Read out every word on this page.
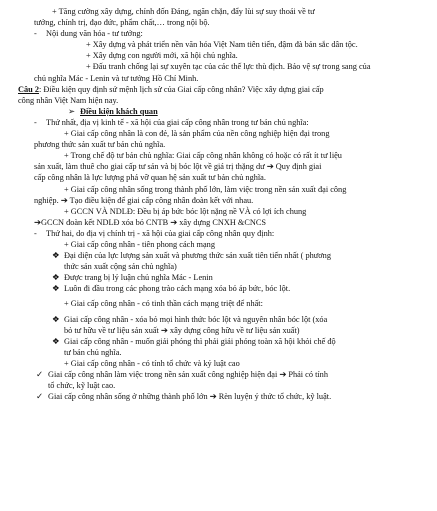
+ Tăng cường xây dựng, chỉnh đốn Đảng, ngăn chặn, đẩy lùi sự suy thoái về tư
tưởng, chính trị, đạo đức, phẩm chất,… trong nội bộ.
- Nội dung văn hóa - tư tưởng:
+ Xây dựng và phát triển nền văn hóa Việt Nam tiên tiến, đậm đà bản sắc dân tộc.
+ Xây dựng con người mới, xã hội chủ nghĩa.
+ Đấu tranh chống lại sự xuyên tạc của các thế lực thù địch. Bảo vệ sự trong sang của
chủ nghĩa Mác - Lenin và tư tưởng Hồ Chí Minh.
Câu 2: Điều kiện quy định sứ mệnh lịch sử của Giai cấp công nhân? Việc xây dựng giai cấp
công nhân Việt Nam hiện nay.
➢ Điều kiện khách quan
- Thứ nhất, địa vị kinh tế - xã hội của giai cấp công nhân trong tư bản chủ nghĩa:
+ Giai cấp công nhân là con đẻ, là sản phẩm của nền công nghiệp hiện đại trong
phương thức sản xuất tư bản chủ nghĩa.
+ Trong chế độ tư bản chủ nghĩa: Giai cấp công nhân không có hoặc có rất ít tư liệu
sản xuất, làm thuê cho giai cấp tư sản và bị bóc lột về giá trị thặng dư ➔ Quy định giai
cấp công nhân là lực lượng phá vỡ quan hệ sản xuất tư bản chủ nghĩa.
+ Giai cấp công nhân sống trong thành phố lớn, làm việc trong nền sản xuất đại công
nghiệp. ➔ Tạo điều kiện để giai cấp công nhân đoàn kết với nhau.
+ GCCN VÀ NDLĐ: Đều bị áp bức bóc lột nặng nề VÀ có lợi ích chung
➔GCCN đoàn kết NDLĐ xóa bỏ CNTB ➔ xây dựng CNXH &CNCS
- Thứ hai, do địa vị chính trị - xã hội của giai cấp công nhân quy định:
+ Giai cấp công nhân - tiên phong cách mạng
❖ Đại diện của lực lượng sản xuất và phương thức sản xuất tiên tiến nhất ( phương
thức sản xuất cộng sản chủ nghĩa)
❖ Được trang bị lý luận chủ nghĩa Mác - Lenin
❖ Luôn đi đầu trong các phong trào cách mạng xóa bỏ áp bức, bóc lột.
+ Giai cấp công nhân - có tinh thần cách mạng triệt để nhất:
❖ Giai cấp công nhân - xóa bỏ mọi hình thức bóc lột và nguyên nhân bóc lột (xóa
bỏ tư hữu về tư liệu sản xuất ➔ xây dựng công hữu về tư liệu sản xuất)
❖ Giai cấp công nhân - muốn giải phóng thì phải giải phóng toàn xã hội khỏi chế độ
tư bản chủ nghĩa.
+ Giai cấp công nhân - có tính tổ chức và kỷ luật cao
✓ Giai cấp công nhân làm việc trong nền sản xuất công nghiệp hiện đại ➔ Phải có tính
tổ chức, kỹ luật cao.
✓ Giai cấp công nhân sống ở những thành phố lớn ➔ Rèn luyện ý thức tổ chức, kỹ luật.
